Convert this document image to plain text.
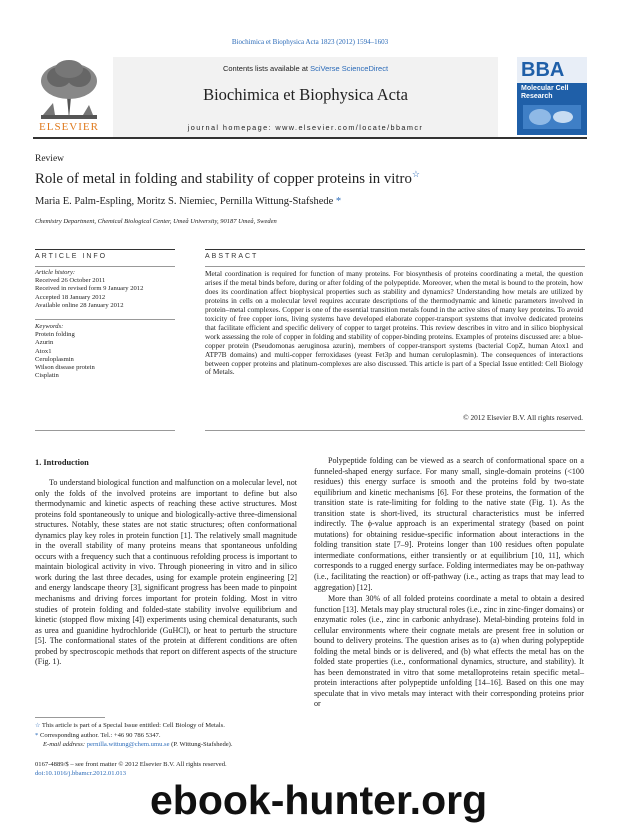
Biochimica et Biophysica Acta 1823 (2012) 1594–1603
ELSEVIER
Contents lists available at SciVerse ScienceDirect
Biochimica et Biophysica Acta
journal homepage: www.elsevier.com/locate/bbamcr
BBA
Molecular Cell Research
Review
Role of metal in folding and stability of copper proteins in vitro☆
Maria E. Palm-Espling, Moritz S. Niemiec, Pernilla Wittung-Stafshede *
Chemistry Department, Chemical Biological Center, Umeå University, 90187 Umeå, Sweden
ARTICLE INFO
Article history:
Received 26 October 2011
Received in revised form 9 January 2012
Accepted 18 January 2012
Available online 28 January 2012
Keywords:
Protein folding
Azurin
Atox1
Ceruloplasmin
Wilson disease protein
Cisplatin
ABSTRACT
Metal coordination is required for function of many proteins. For biosynthesis of proteins coordinating a metal, the question arises if the metal binds before, during or after folding of the polypeptide. Moreover, when the metal is bound to the protein, how does its coordination affect biophysical properties such as stability and dynamics? Understanding how metals are utilized by proteins in cells on a molecular level requires accurate descriptions of the thermodynamic and kinetic parameters involved in protein–metal complexes. Copper is one of the essential transition metals found in the active sites of many key proteins. To avoid toxicity of free copper ions, living systems have developed elaborate copper-transport systems that involve dedicated proteins that facilitate efficient and specific delivery of copper to target proteins. This review describes in vitro and in silico biophysical work assessing the role of copper in folding and stability of copper-binding proteins. Examples of proteins discussed are: a blue-copper protein (Pseudomonas aeruginosa azurin), members of copper-transport systems (bacterial CopZ, human Atox1 and ATP7B domains) and multi-copper ferroxidases (yeast Fet3p and human ceruloplasmin). The consequences of interactions between copper proteins and platinum-complexes are also discussed. This article is part of a Special Issue entitled: Cell Biology of Metals.
© 2012 Elsevier B.V. All rights reserved.
1. Introduction
To understand biological function and malfunction on a molecular level, not only the folds of the involved proteins are important to define but also thermodynamic and kinetic aspects of reaching these active structures. Most proteins fold spontaneously to unique and biologically-active three-dimensional structures. Notably, these states are not static structures; often conformational dynamics play key roles in protein function [1]. The relatively small magnitude in the overall stability of many proteins means that spontaneous unfolding occurs with a frequency such that a continuous refolding process is important to maintain biological activity in vivo. Through pioneering in vitro and in silico work during the last three decades, using for example protein engineering [2] and energy landscape theory [3], significant progress has been made to pinpoint mechanisms and driving forces important for protein folding. Most in vitro studies of protein folding and folded-state stability involve equilibrium and kinetic (stopped flow mixing [4]) experiments using chemical denaturants, such as urea and guanidine hydrochloride (GuHCl), or heat to perturb the structure [5]. The conformational states of the protein at different conditions are often probed by spectroscopic methods that report on different aspects of the structure (Fig. 1).
Polypeptide folding can be viewed as a search of conformational space on a funneled-shaped energy surface. For many small, single-domain proteins (<100 residues) this energy surface is smooth and the proteins fold by two-state equilibrium and kinetic mechanisms [6]. For these proteins, the formation of the transition state is rate-limiting for folding to the native state (Fig. 1). As the transition state is short-lived, its structural characteristics must be inferred indirectly. The ϕ-value approach is an experimental strategy (based on point mutations) for obtaining residue-specific information about interactions in the folding transition state [7–9]. Proteins longer than 100 residues often populate intermediate conformations, either transiently or at equilibrium [10, 11], which corresponds to a rugged energy surface. Folding intermediates may be on-pathway (i.e., facilitating the reaction) or off-pathway (i.e., acting as traps that may lead to aggregation) [12].
More than 30% of all folded proteins coordinate a metal to obtain a desired function [13]. Metals may play structural roles (i.e., zinc in zinc-finger domains) or enzymatic roles (i.e., zinc in carbonic anhydrase). Metal-binding proteins fold in cellular environments where their cognate metals are present free in solution or bound to delivery proteins. The question arises as to (a) when during polypeptide folding the metal binds or is delivered, and (b) what effects the metal has on the folded state properties (i.e., conformational dynamics, structure, and stability). It has been demonstrated in vitro that some metalloproteins retain specific metal–protein interactions after polypeptide unfolding [14–16]. Based on this one may speculate that in vivo metals may interact with their corresponding proteins prior or
☆ This article is part of a Special Issue entitled: Cell Biology of Metals.
* Corresponding author. Tel.: +46 90 786 5347.
E-mail address: pernilla.wittung@chem.umu.se (P. Wittung-Stafshede).
0167-4889/$ – see front matter © 2012 Elsevier B.V. All rights reserved.
doi:10.1016/j.bbamcr.2012.01.013
ebook-hunter.org
